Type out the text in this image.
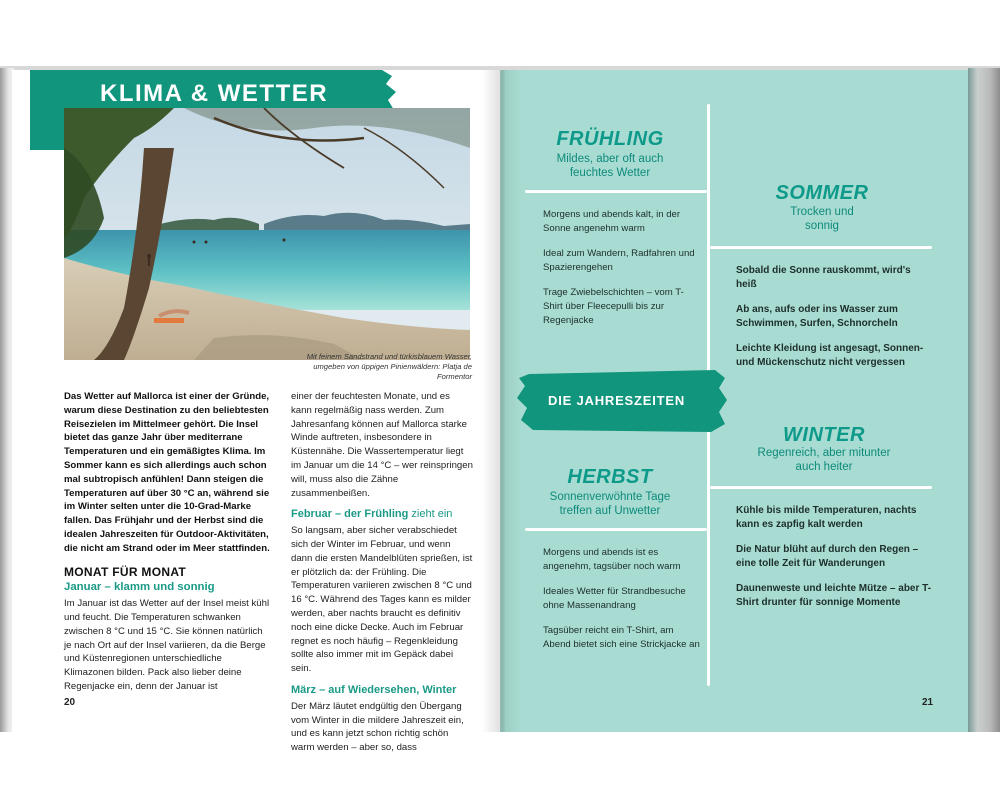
KLIMA & WETTER
Mit feinem Sandstrand und türkisblauem Wasser, umgeben von üppigen Pinienwäldern: Platja de Formentor

Das Wetter auf Mallorca ist einer der Gründe, warum diese Destination zu den beliebtesten Reisezielen im Mittelmeer gehört. Die Insel bietet das ganze Jahr über mediterrane Temperaturen und ein gemäßigtes Klima. Im Sommer kann es sich allerdings auch schon mal subtropisch anfühlen! Dann steigen die Temperaturen auf über 30 °C an, während sie im Winter selten unter die 10-Grad-Marke fallen. Das Frühjahr und der Herbst sind die idealen Jahreszeiten für Outdoor-Aktivitäten, die nicht am Strand oder im Meer stattfinden.

MONAT FÜR MONAT
Januar – klamm und sonnig

Im Januar ist das Wetter auf der Insel meist kühl und feucht. Die Temperaturen schwanken zwischen 8 °C und 15 °C. Sie können natürlich je nach Ort auf der Insel variieren, da die Berge und Küstenregionen unterschiedliche Klimazonen bilden. Pack also lieber deine Regenjacke ein, denn der Januar ist

einer der feuchtesten Monate, und es kann regelmäßig nass werden. Zum Jahresanfang können auf Mallorca starke Winde auftreten, insbesondere in Küstennähe. Die Wassertemperatur liegt im Januar um die 14 °C – wer reinspringen will, muss also die Zähne zusammenbeißen.

Februar – der Frühling zieht ein

So langsam, aber sicher verabschiedet sich der Winter im Februar, und wenn dann die ersten Mandelblüten sprießen, ist er plötzlich da: der Frühling. Die Temperaturen variieren zwischen 8 °C und 16 °C. Während des Tages kann es milder werden, aber nachts braucht es definitiv noch eine dicke Decke. Auch im Februar regnet es noch häufig – Regenkleidung sollte also immer mit im Gepäck dabei sein.

März – auf Wiedersehen, Winter

Der März läutet endgültig den Übergang vom Winter in die mildere Jahreszeit ein, und es kann jetzt schon richtig schön warm werden – aber so, dass

20
FRÜHLING
Mildes, aber oft auch feuchtes Wetter

Morgens und abends kalt, in der Sonne angenehm warm

Ideal zum Wandern, Radfahren und Spazierengehen

Trage Zwiebelschichten – vom T-Shirt über Fleecepulli bis zur Regenjacke

SOMMER
Trocken und sonnig

Sobald die Sonne rauskommt, wird's heiß

Ab ans, aufs oder ins Wasser zum Schwimmen, Surfen, Schnorcheln

Leichte Kleidung ist angesagt, Sonnen- und Mückenschutz nicht vergessen

DIE JAHRESZEITEN
HERBST
Sonnenverwöhnte Tage treffen auf Unwetter

Morgens und abends ist es angenehm, tagsüber noch warm

Ideales Wetter für Strandbesuche ohne Massenandrang

Tagsüber reicht ein T-Shirt, am Abend bietet sich eine Strickjacke an

WINTER
Regenreich, aber mitunter auch heiter

Kühle bis milde Temperaturen, nachts kann es zapfig kalt werden

Die Natur blüht auf durch den Regen – eine tolle Zeit für Wanderungen

Daunenweste und leichte Mütze – aber T-Shirt drunter für sonnige Momente

21
